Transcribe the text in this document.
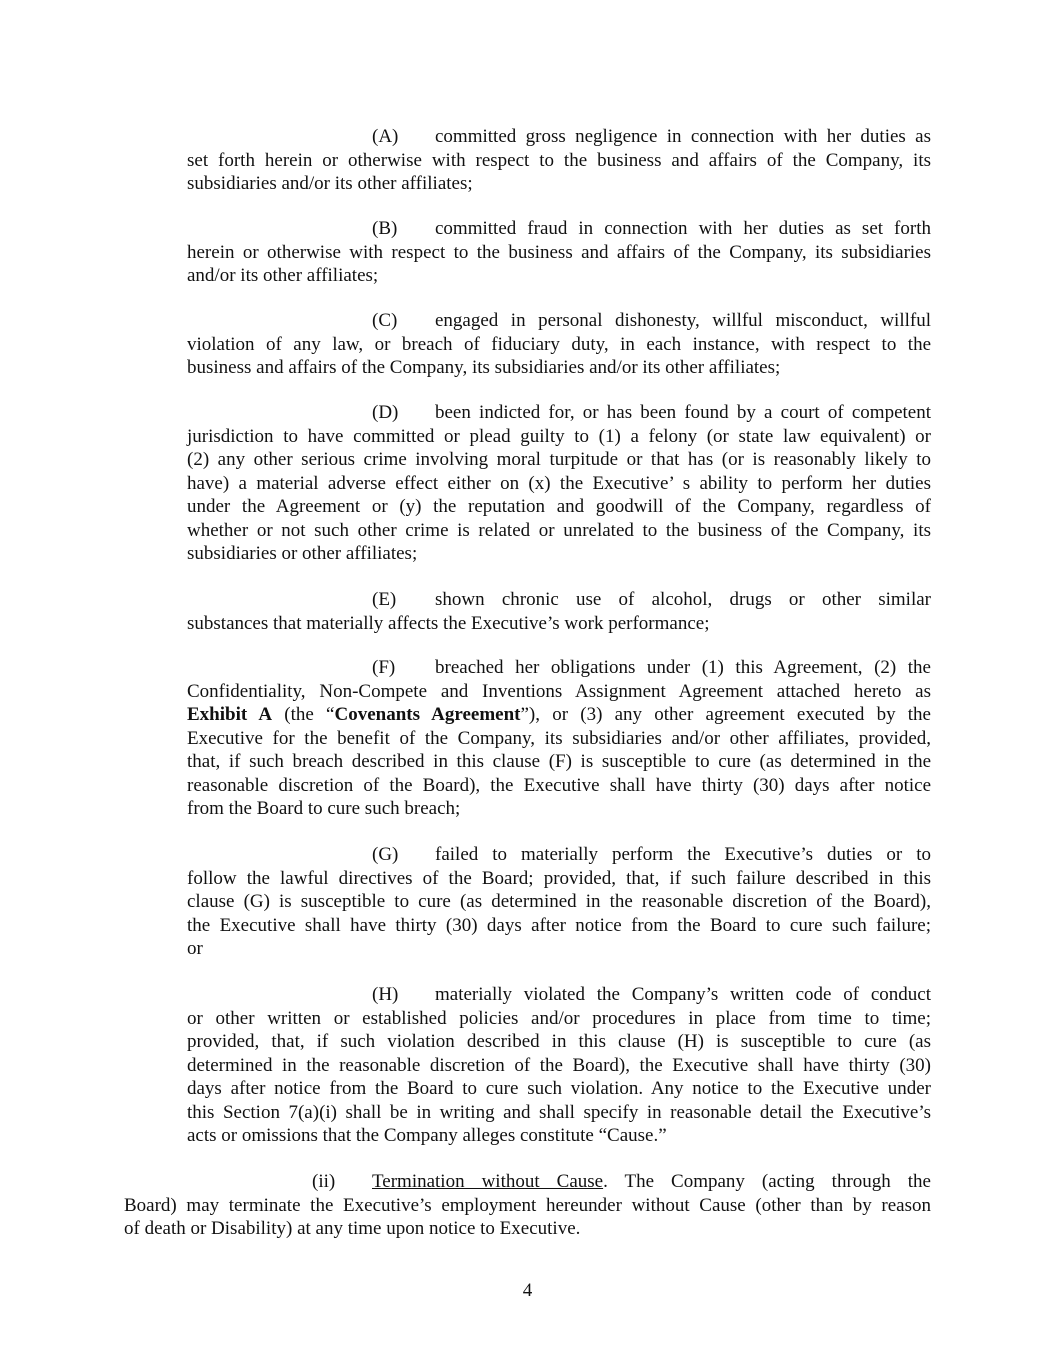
(A) committed gross negligence in connection with her duties as
set forth herein or otherwise with respect to the business and affairs of the Company, its
subsidiaries and/or its other affiliates;
(B) committed fraud in connection with her duties as set forth
herein or otherwise with respect to the business and affairs of the Company, its subsidiaries
and/or its other affiliates;
(C) engaged in personal dishonesty, willful misconduct, willful
violation of any law, or breach of fiduciary duty, in each instance, with respect to the
business and affairs of the Company, its subsidiaries and/or its other affiliates;
(D) been indicted for, or has been found by a court of competent
jurisdiction to have committed or plead guilty to (1) a felony (or state law equivalent) or
(2) any other serious crime involving moral turpitude or that has (or is reasonably likely to
have) a material adverse effect either on (x) the Executive’ s ability to perform her duties
under the Agreement or (y) the reputation and goodwill of the Company, regardless of
whether or not such other crime is related or unrelated to the business of the Company, its
subsidiaries or other affiliates;
(E) shown chronic use of alcohol, drugs or other similar
substances that materially affects the Executive’s work performance;
(F) breached her obligations under (1) this Agreement, (2) the
Confidentiality, Non-Compete and Inventions Assignment Agreement attached hereto as
Exhibit A (the “Covenants Agreement”), or (3) any other agreement executed by the
Executive for the benefit of the Company, its subsidiaries and/or other affiliates, provided,
that, if such breach described in this clause (F) is susceptible to cure (as determined in the
reasonable discretion of the Board), the Executive shall have thirty (30) days after notice
from the Board to cure such breach;
(G) failed to materially perform the Executive’s duties or to
follow the lawful directives of the Board; provided, that, if such failure described in this
clause (G) is susceptible to cure (as determined in the reasonable discretion of the Board),
the Executive shall have thirty (30) days after notice from the Board to cure such failure;
or
(H) materially violated the Company’s written code of conduct
or other written or established policies and/or procedures in place from time to time;
provided, that, if such violation described in this clause (H) is susceptible to cure (as
determined in the reasonable discretion of the Board), the Executive shall have thirty (30)
days after notice from the Board to cure such violation. Any notice to the Executive under
this Section 7(a)(i) shall be in writing and shall specify in reasonable detail the Executive’s
acts or omissions that the Company alleges constitute “Cause.”
(ii) Termination without Cause. The Company (acting through the
Board) may terminate the Executive’s employment hereunder without Cause (other than by reason
of death or Disability) at any time upon notice to Executive.
4
